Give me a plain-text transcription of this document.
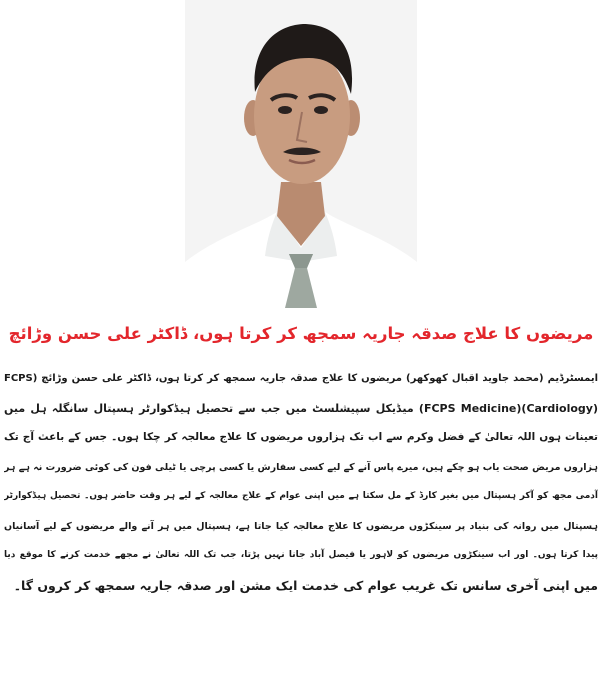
مریضوں کا علاج صدقہ جاریہ سمجھ کر کرتا ہوں، ڈاکٹر علی حسن وڑائچ
ایمسٹرڈیم (محمد جاوید اقبال کھوکھر) مریضوں کا علاج صدقہ جاریہ سمجھ کر کرتا ہوں، ڈاکٹر علی حسن وڑائچ (FCPS
(Cardiology)(FCPS Medicine) میڈیکل سپیشلسٹ میں جب سے تحصیل ہیڈکوارٹر ہسپتال سانگلہ ہل میں
تعینات ہوں اللہ تعالیٰ کے فضل وکرم سے اب تک ہزاروں مریضوں کا علاج معالجہ کر چکا ہوں۔ جس کے باعث آج تک
ہزاروں مریض صحت یاب ہو چکے ہیں، میرے پاس آنے کے لیے کسی سفارش یا کسی پرچی یا ٹیلی فون کی کوئی ضرورت نہ ہے ہر
آدمی مجھ کو آکر ہسپتال میں بغیر کارڈ کے مل سکتا ہے میں اپنی عوام کے علاج معالجہ کے لیے ہر وقت حاضر ہوں۔ تحصیل ہیڈکوارٹر
ہسپتال میں روانہ کی بنیاد پر سینکڑوں مریضوں کا علاج معالجہ کیا جاتا ہے، ہسپتال میں ہر آنے والے مریضوں کے لیے آسانیاں
پیدا کرتا ہوں۔ اور اب سینکڑوں مریضوں کو لاہور یا فیصل آباد جانا نہیں پڑتا، جب تک اللہ تعالیٰ نے مجھے خدمت کرنے کا موقع دیا
میں اپنی آخری سانس تک غریب عوام کی خدمت ایک مشن اور صدقہ جاریہ سمجھ کر کروں گا۔
